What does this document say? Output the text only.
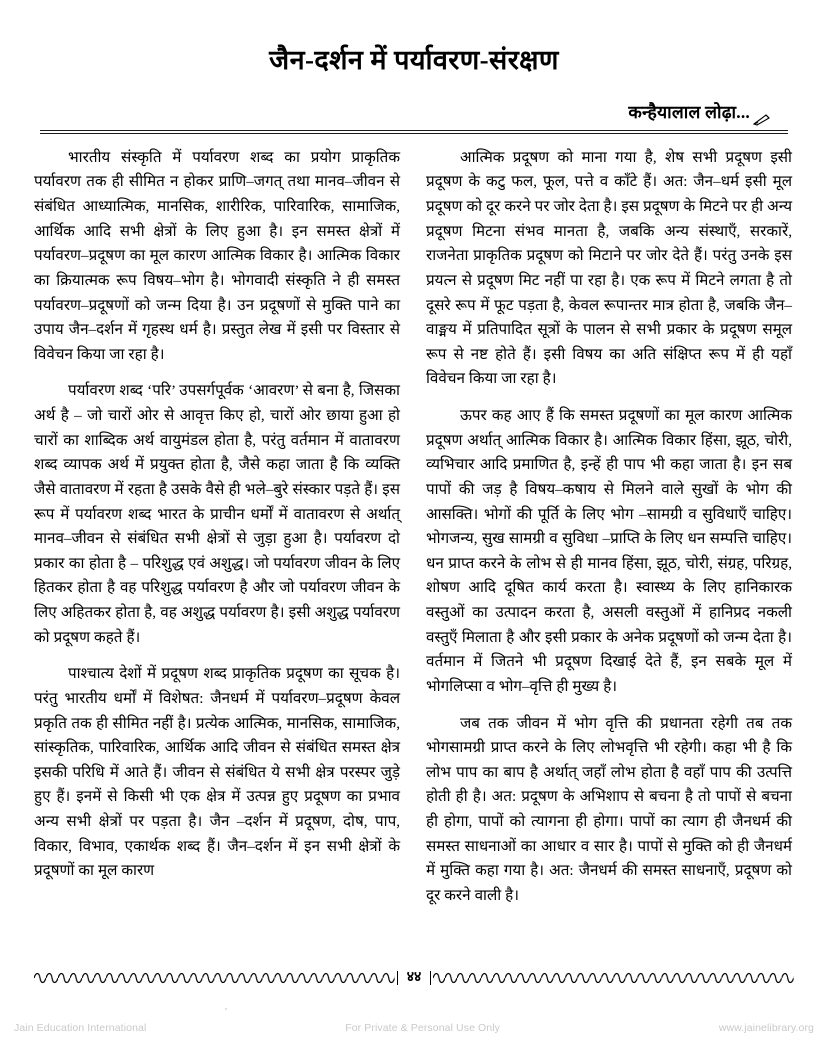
जैन-दर्शन में पर्यावरण-संरक्षण
कन्हैयालाल लोढ़ा...

भारतीय संस्कृति में पर्यावरण शब्द का प्रयोग प्राकृतिक पर्यावरण तक ही सीमित न होकर प्राणि–जगत् तथा मानव–जीवन से संबंधित आध्यात्मिक, मानसिक, शारीरिक, पारिवारिक, सामाजिक, आर्थिक आदि सभी क्षेत्रों के लिए हुआ है। इन समस्त क्षेत्रों में पर्यावरण–प्रदूषण का मूल कारण आत्मिक विकार है। आत्मिक विकार का क्रियात्मक रूप विषय–भोग है। भोगवादी संस्कृति ने ही समस्त पर्यावरण–प्रदूषणों को जन्म दिया है। उन प्रदूषणों से मुक्ति पाने का उपाय जैन–दर्शन में गृहस्थ धर्म है। प्रस्तुत लेख में इसी पर विस्तार से विवेचन किया जा रहा है।

पर्यावरण शब्द ‘परि’ उपसर्गपूर्वक ‘आवरण’ से बना है, जिसका अर्थ है – जो चारों ओर से आवृत्त किए हो, चारों ओर छाया हुआ हो चारों का शाब्दिक अर्थ वायुमंडल होता है, परंतु वर्तमान में वातावरण शब्द व्यापक अर्थ में प्रयुक्त होता है, जैसे कहा जाता है कि व्यक्ति जैसे वातावरण में रहता है उसके वैसे ही भले–बुरे संस्कार पड़ते हैं। इस रूप में पर्यावरण शब्द भारत के प्राचीन धर्मों में वातावरण से अर्थात् मानव–जीवन से संबंधित सभी क्षेत्रों से जुड़ा हुआ है। पर्यावरण दो प्रकार का होता है – परिशुद्ध एवं अशुद्ध। जो पर्यावरण जीवन के लिए हितकर होता है वह परिशुद्ध पर्यावरण है और जो पर्यावरण जीवन के लिए अहितकर होता है, वह अशुद्ध पर्यावरण है। इसी अशुद्ध पर्यावरण को प्रदूषण कहते हैं।

पाश्चात्य देशों में प्रदूषण शब्द प्राकृतिक प्रदूषण का सूचक है। परंतु भारतीय धर्मों में विशेषत: जैनधर्म में पर्यावरण–प्रदूषण केवल प्रकृति तक ही सीमित नहीं है। प्रत्येक आत्मिक, मानसिक, सामाजिक, सांस्कृतिक, पारिवारिक, आर्थिक आदि जीवन से संबंधित समस्त क्षेत्र इसकी परिधि में आते हैं। जीवन से संबंधित ये सभी क्षेत्र परस्पर जुड़े हुए हैं। इनमें से किसी भी एक क्षेत्र में उत्पन्न हुए प्रदूषण का प्रभाव अन्य सभी क्षेत्रों पर पड़ता है। जैन –दर्शन में प्रदूषण, दोष, पाप, विकार, विभाव, एकार्थक शब्द हैं। जैन–दर्शन में इन सभी क्षेत्रों के प्रदूषणों का मूल कारण

आत्मिक प्रदूषण को माना गया है, शेष सभी प्रदूषण इसी प्रदूषण के कटु फल, फूल, पत्ते व काँटे हैं। अत: जैन–धर्म इसी मूल प्रदूषण को दूर करने पर जोर देता है। इस प्रदूषण के मिटने पर ही अन्य प्रदूषण मिटना संभव मानता है, जबकि अन्य संस्थाएँ, सरकारें, राजनेता प्राकृतिक प्रदूषण को मिटाने पर जोर देते हैं। परंतु उनके इस प्रयत्न से प्रदूषण मिट नहीं पा रहा है। एक रूप में मिटने लगता है तो दूसरे रूप में फूट पड़ता है, केवल रूपान्तर मात्र होता है, जबकि जैन–वाङ्मय में प्रतिपादित सूत्रों के पालन से सभी प्रकार के प्रदूषण समूल रूप से नष्ट होते हैं। इसी विषय का अति संक्षिप्त रूप में ही यहाँ विवेचन किया जा रहा है।

ऊपर कह आए हैं कि समस्त प्रदूषणों का मूल कारण आत्मिक प्रदूषण अर्थात् आत्मिक विकार है। आत्मिक विकार हिंसा, झूठ, चोरी, व्यभिचार आदि प्रमाणित है, इन्हें ही पाप भी कहा जाता है। इन सब पापों की जड़ है विषय–कषाय से मिलने वाले सुखों के भोग की आसक्ति। भोगों की पूर्ति के लिए भोग –सामग्री व सुविधाएँ चाहिए। भोगजन्य, सुख सामग्री व सुविधा –प्राप्ति के लिए धन सम्पत्ति चाहिए। धन प्राप्त करने के लोभ से ही मानव हिंसा, झूठ, चोरी, संग्रह, परिग्रह, शोषण आदि दूषित कार्य करता है। स्वास्थ्य के लिए हानिकारक वस्तुओं का उत्पादन करता है, असली वस्तुओं में हानिप्रद नकली वस्तुएँ मिलाता है और इसी प्रकार के अनेक प्रदूषणों को जन्म देता है। वर्तमान में जितने भी प्रदूषण दिखाई देते हैं, इन सबके मूल में भोगलिप्सा व भोग–वृत्ति ही मुख्य है।

जब तक जीवन में भोग वृत्ति की प्रधानता रहेगी तब तक भोगसामग्री प्राप्त करने के लिए लोभवृत्ति भी रहेगी। कहा भी है कि लोभ पाप का बाप है अर्थात् जहाँ लोभ होता है वहाँ पाप की उत्पत्ति होती ही है। अत: प्रदूषण के अभिशाप से बचना है तो पापों से बचना ही होगा, पापों को त्यागना ही होगा। पापों का त्याग ही जैनधर्म की समस्त साधनाओं का आधार व सार है। पापों से मुक्ति को ही जैनधर्म में मुक्ति कहा गया है। अत: जैनधर्म की समस्त साधनाएँ, प्रदूषण को दूर करने वाली है।

४४
Jain Education International	For Private & Personal Use Only	www.jainelibrary.org
